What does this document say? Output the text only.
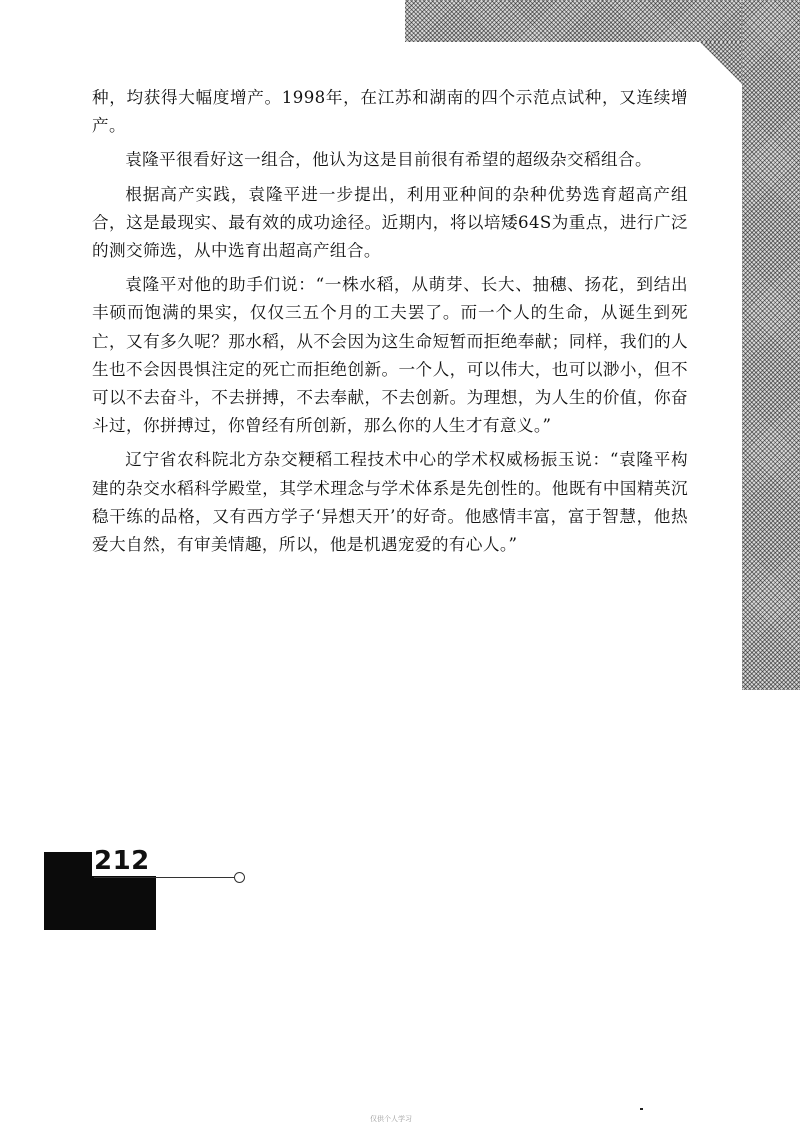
种，均获得大幅度增产。1998年，在江苏和湖南的四个示范点试种，又连续增产。

袁隆平很看好这一组合，他认为这是目前很有希望的超级杂交稻组合。

根据高产实践，袁隆平进一步提出，利用亚种间的杂种优势选育超高产组合，这是最现实、最有效的成功途径。近期内，将以培矮64S为重点，进行广泛的测交筛选，从中选育出超高产组合。

袁隆平对他的助手们说：“一株水稻，从萌芽、长大、抽穗、扬花，到结出丰硕而饱满的果实，仅仅三五个月的工夫罢了。而一个人的生命，从诞生到死亡，又有多久呢？那水稻，从不会因为这生命短暂而拒绝奉献；同样，我们的人生也不会因畏惧注定的死亡而拒绝创新。一个人，可以伟大，也可以渺小，但不可以不去奋斗，不去拼搏，不去奉献，不去创新。为理想，为人生的价值，你奋斗过，你拼搏过，你曾经有所创新，那么你的人生才有意义。”

辽宁省农科院北方杂交粳稻工程技术中心的学术权威杨振玉说：“袁隆平构建的杂交水稻科学殿堂，其学术理念与学术体系是先创性的。他既有中国精英沉稳干练的品格，又有西方学子‘异想天开’的好奇。他感情丰富，富于智慧，他热爱大自然，有审美情趣，所以，他是机遇宠爱的有心人。”

212
仅供个人学习
